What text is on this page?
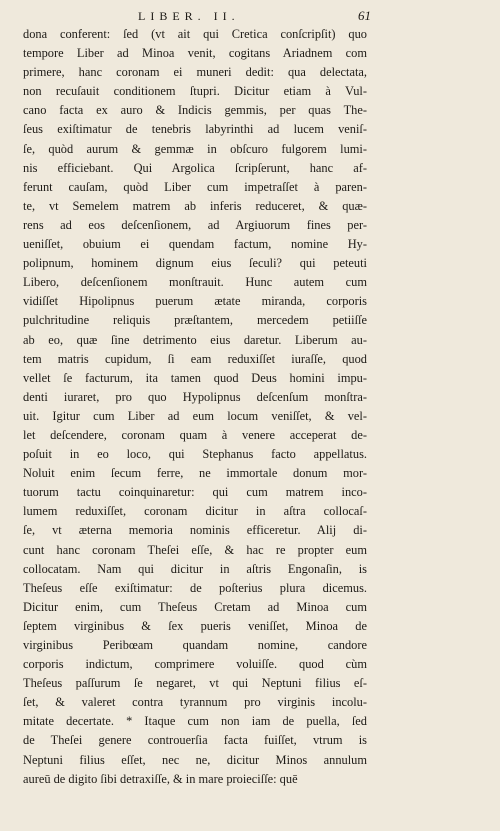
LIBER. II.	61
dona conferent: ſed (vt ait qui Cretica conſcripſit) quo
tempore Liber ad Minoa venit, cogitans Ariadnem com
primere, hanc coronam ei muneri dedit: qua delectata,
non recuſauit conditionem ſtupri. Dicitur etiam à Vul-
cano facta ex auro & Indicis gemmis, per quas The-
ſeus exiſtimatur de tenebris labyrinthi ad lucem veniſ-
ſe, quòd aurum & gemmæ in obſcuro fulgorem lumi-
nis efficiebant. Qui Argolica ſcripſerunt, hanc af-
ferunt cauſam, quòd Liber cum impetraſſet à paren-
te, vt Semelem matrem ab inferis reduceret, & quæ-
rens ad eos deſcenſionem, ad Argiuorum fines per-
ueniſſet, obuium ei quendam factum, nomine Hy-
polipnum, hominem dignum eius ſeculi? qui peteuti
Libero, deſcenſionem monſtrauit. Hunc autem cum
vidiſſet Hipolipnus puerum ætate miranda, corporis
pulchritudine reliquis præſtantem, mercedem petiiſſe
ab eo, quæ ſine detrimento eius daretur. Liberum au-
tem matris cupidum, ſi eam reduxiſſet iuraſſe, quod
vellet ſe facturum, ita tamen quod Deus homini impu-
denti iuraret, pro quo Hypolipnus deſcenſum monſtra-
uit. Igitur cum Liber ad eum locum veniſſet, & vel-
let deſcendere, coronam quam à venere acceperat de-
poſuit in eo loco, qui Stephanus facto appellatus.
Noluit enim ſecum ferre, ne immortale donum mor-
tuorum tactu coinquinaretur: qui cum matrem inco-
lumem reduxiſſet, coronam dicitur in aſtra collocaſ-
ſe, vt æterna memoria nominis efficeretur. Alij di-
cunt hanc coronam Theſei eſſe, & hac re propter eum
collocatam. Nam qui dicitur in aſtris Engonaſin, is
Theſeus eſſe exiſtimatur: de poſterius plura dicemus.
Dicitur enim, cum Theſeus Cretam ad Minoa cum
ſeptem virginibus & ſex pueris veniſſet, Minoa de
virginibus Peribœam quandam nomine, candore
corporis indictum, comprimere voluiſſe. quod cùm
Theſeus paſſurum ſe negaret, vt qui Neptuni filius eſ-
ſet, & valeret contra tyrannum pro virginis incolu-
mitate decertate. * Itaque cum non iam de puella, ſed
de Theſei genere controuerſia facta fuiſſet, vtrum is
Neptuni filius eſſet, nec ne, dicitur Minos annulum
aureū de digito ſibi detraxiſſe, & in mare proieciſſe: quē
